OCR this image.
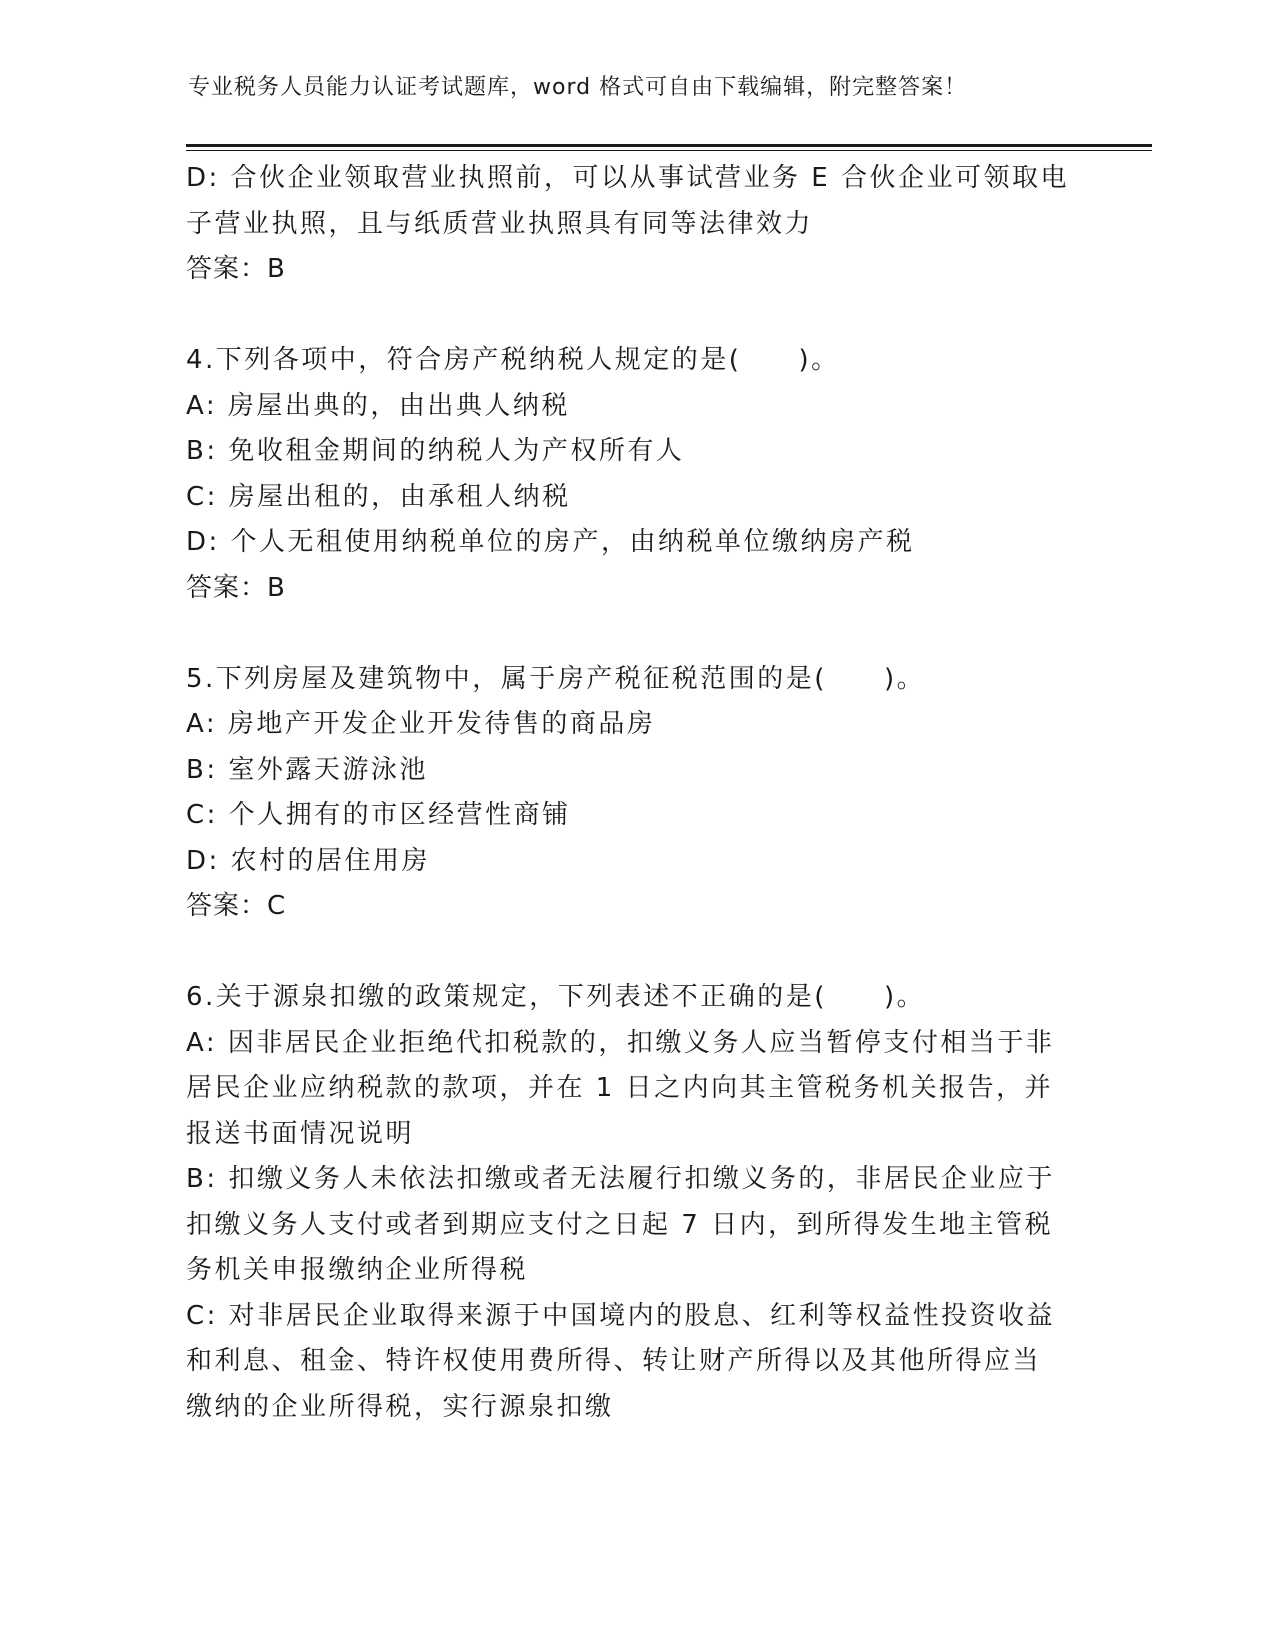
专业税务人员能力认证考试题库，word 格式可自由下载编辑，附完整答案！
D: 合伙企业领取营业执照前，可以从事试营业务 E 合伙企业可领取电
子营业执照，且与纸质营业执照具有同等法律效力
答案：B
4.下列各项中，符合房产税纳税人规定的是(　　)。
A: 房屋出典的，由出典人纳税
B: 免收租金期间的纳税人为产权所有人
C: 房屋出租的，由承租人纳税
D: 个人无租使用纳税单位的房产，由纳税单位缴纳房产税
答案：B
5.下列房屋及建筑物中，属于房产税征税范围的是(　　)。
A: 房地产开发企业开发待售的商品房
B: 室外露天游泳池
C: 个人拥有的市区经营性商铺
D: 农村的居住用房
答案：C
6.关于源泉扣缴的政策规定，下列表述不正确的是(　　)。
A: 因非居民企业拒绝代扣税款的，扣缴义务人应当暂停支付相当于非
居民企业应纳税款的款项，并在 1 日之内向其主管税务机关报告，并
报送书面情况说明
B: 扣缴义务人未依法扣缴或者无法履行扣缴义务的，非居民企业应于
扣缴义务人支付或者到期应支付之日起 7 日内，到所得发生地主管税
务机关申报缴纳企业所得税
C: 对非居民企业取得来源于中国境内的股息、红利等权益性投资收益
和利息、租金、特许权使用费所得、转让财产所得以及其他所得应当
缴纳的企业所得税，实行源泉扣缴
